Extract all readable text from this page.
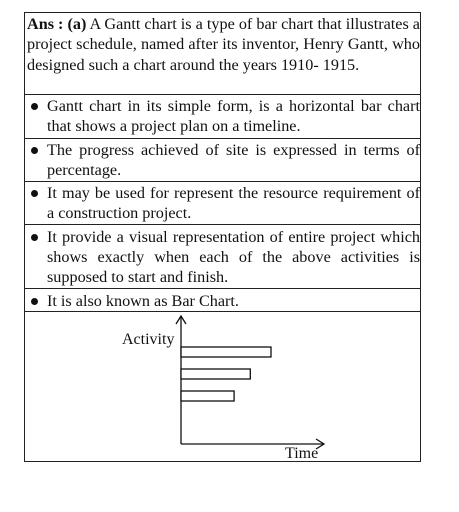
Ans : (a) A Gantt chart is a type of bar chart that illustrates a project schedule, named after its inventor, Henry Gantt, who designed such a chart around the years 1910- 1915.
Gantt chart in its simple form, is a horizontal bar chart that shows a project plan on a timeline.
The progress achieved of site is expressed in terms of percentage.
It may be used for represent the resource requirement of a construction project.
It provide a visual representation of entire project which shows exactly when each of the above activities is supposed to start and finish.
It is also known as Bar Chart.
Activity
Time
